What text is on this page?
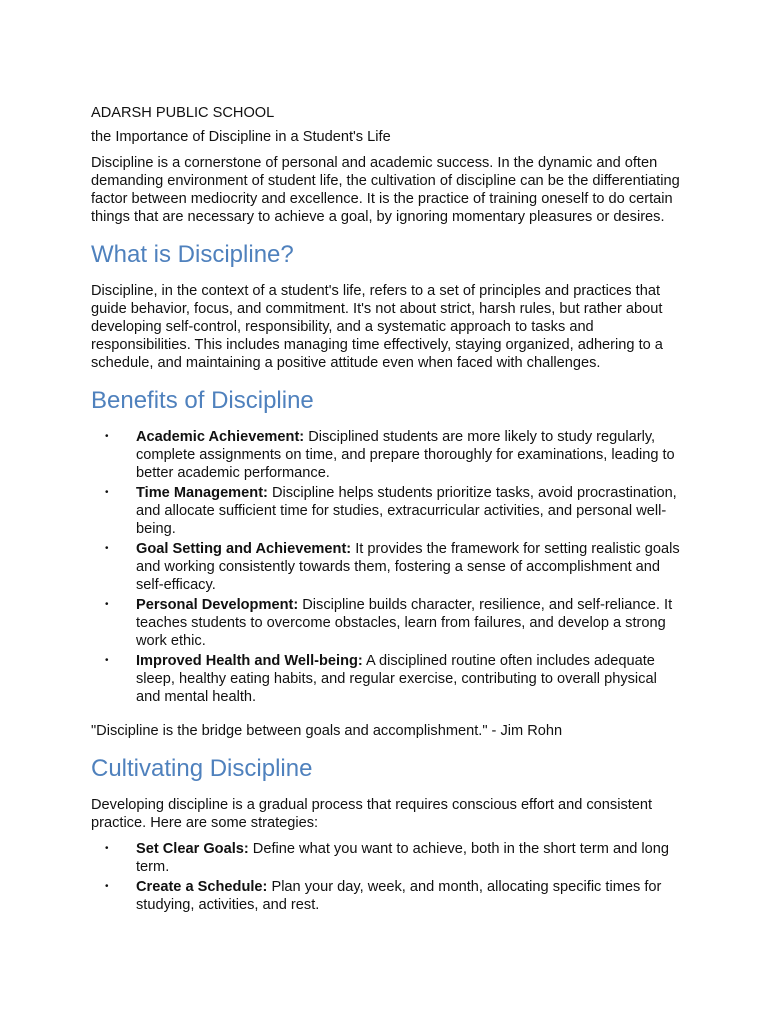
ADARSH PUBLIC SCHOOL

the Importance of Discipline in a Student's Life

Discipline is a cornerstone of personal and academic success. In the dynamic and often demanding environment of student life, the cultivation of discipline can be the differentiating factor between mediocrity and excellence. It is the practice of training oneself to do certain things that are necessary to achieve a goal, by ignoring momentary pleasures or desires.

What is Discipline?

Discipline, in the context of a student's life, refers to a set of principles and practices that guide behavior, focus, and commitment. It's not about strict, harsh rules, but rather about developing self-control, responsibility, and a systematic approach to tasks and responsibilities. This includes managing time effectively, staying organized, adhering to a schedule, and maintaining a positive attitude even when faced with challenges.

Benefits of Discipline
• Academic Achievement: Disciplined students are more likely to study regularly, complete assignments on time, and prepare thoroughly for examinations, leading to better academic performance.
• Time Management: Discipline helps students prioritize tasks, avoid procrastination, and allocate sufficient time for studies, extracurricular activities, and personal well-being.
• Goal Setting and Achievement: It provides the framework for setting realistic goals and working consistently towards them, fostering a sense of accomplishment and self-efficacy.
• Personal Development: Discipline builds character, resilience, and self-reliance. It teaches students to overcome obstacles, learn from failures, and develop a strong work ethic.
• Improved Health and Well-being: A disciplined routine often includes adequate sleep, healthy eating habits, and regular exercise, contributing to overall physical and mental health.

"Discipline is the bridge between goals and accomplishment." - Jim Rohn

Cultivating Discipline

Developing discipline is a gradual process that requires conscious effort and consistent practice. Here are some strategies:

• Set Clear Goals: Define what you want to achieve, both in the short term and long term.
• Create a Schedule: Plan your day, week, and month, allocating specific times for studying, activities, and rest.
